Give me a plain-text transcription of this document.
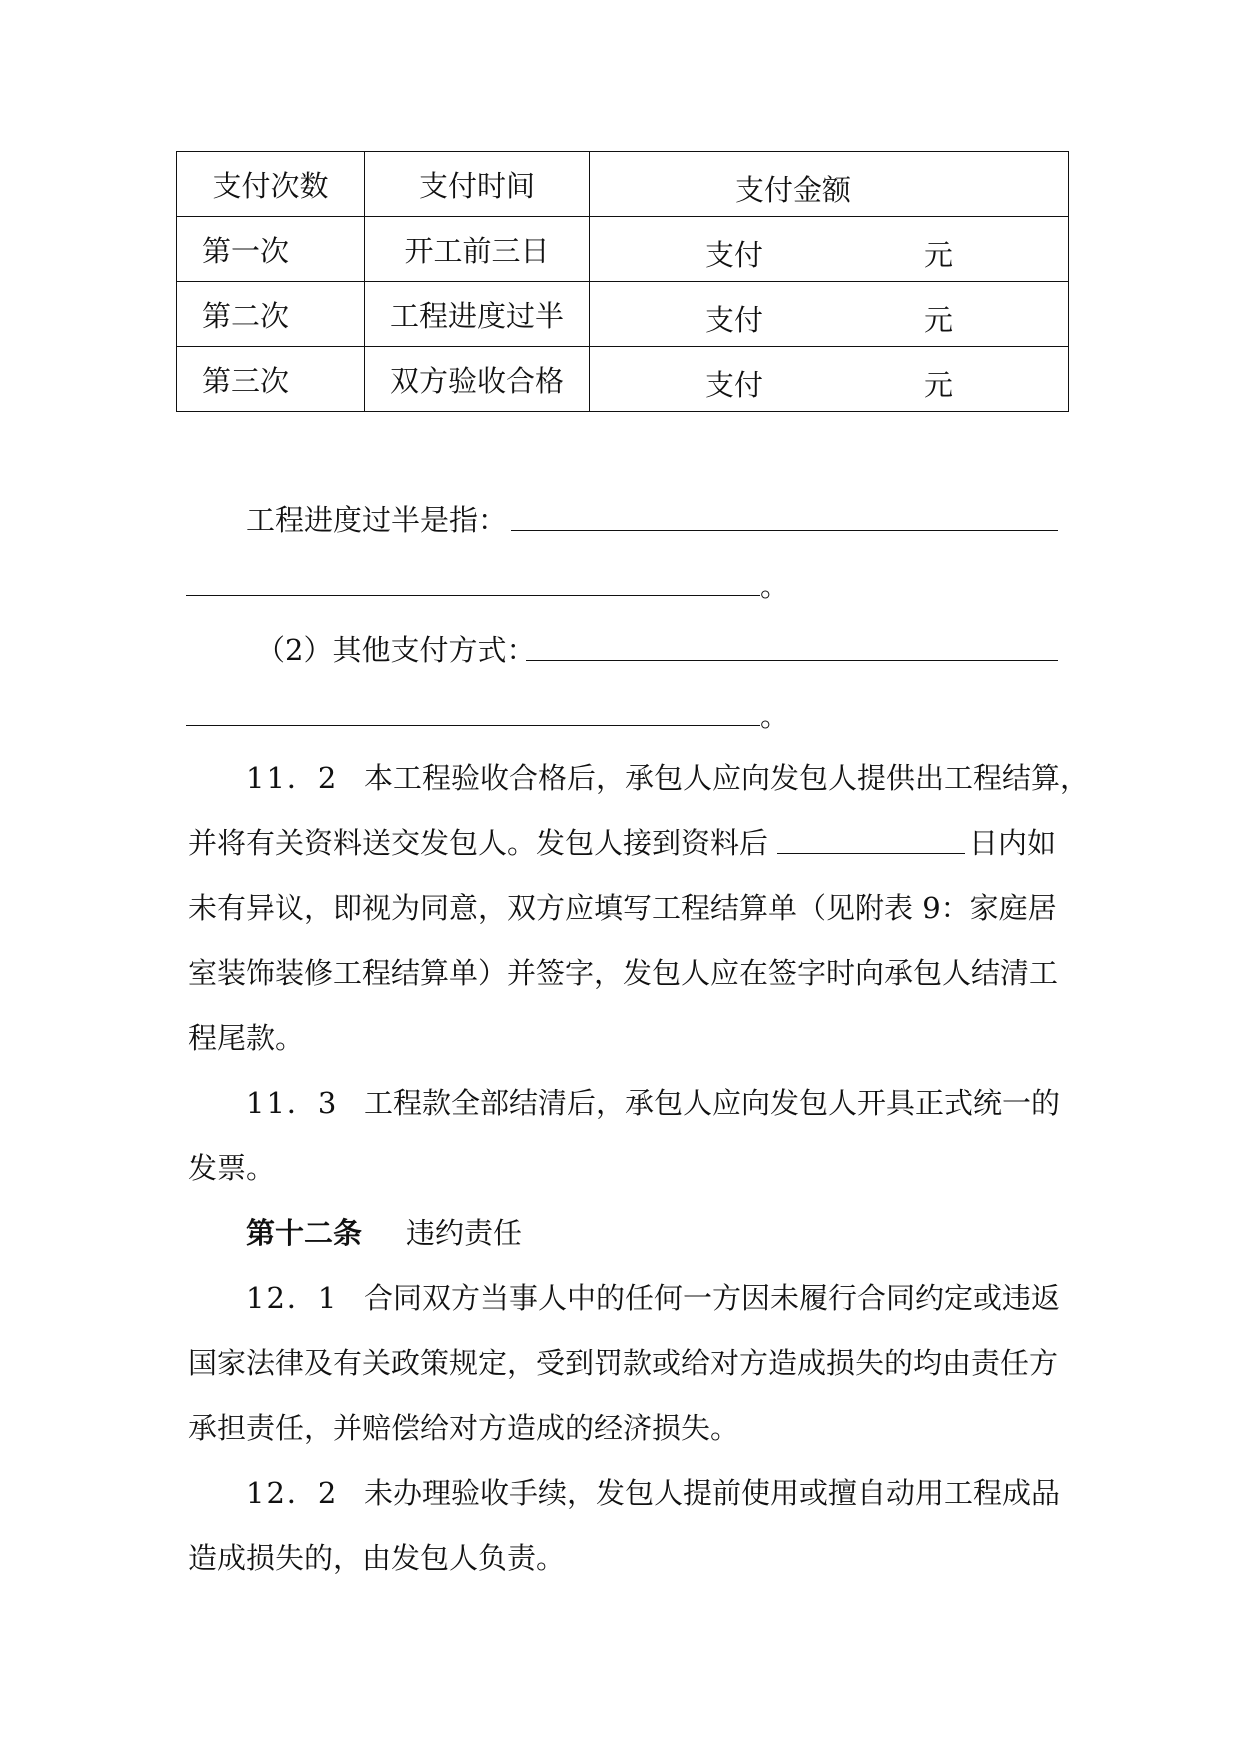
支付次数	支付时间	支付金额

第一次	开工前三日	支付 元

第二次	工程进度过半	支付 元

第三次	双方验收合格	支付 元
工程进度过半是指：
。
（2）其他支付方式：
。
11．2 本工程验收合格后，承包人应向发包人提供出工程结算，
并将有关资料送交发包人。发包人接到资料后	日内如
未有异议，即视为同意，双方应填写工程结算单（见附表 9：家庭居
室装饰装修工程结算单）并签字，发包人应在签字时向承包人结清工
程尾款。
11．3 工程款全部结清后，承包人应向发包人开具正式统一的
发票。
第十二条 违约责任
12．1 合同双方当事人中的任何一方因未履行合同约定或违返
国家法律及有关政策规定，受到罚款或给对方造成损失的均由责任方
承担责任，并赔偿给对方造成的经济损失。
12．2 未办理验收手续，发包人提前使用或擅自动用工程成品
造成损失的，由发包人负责。
